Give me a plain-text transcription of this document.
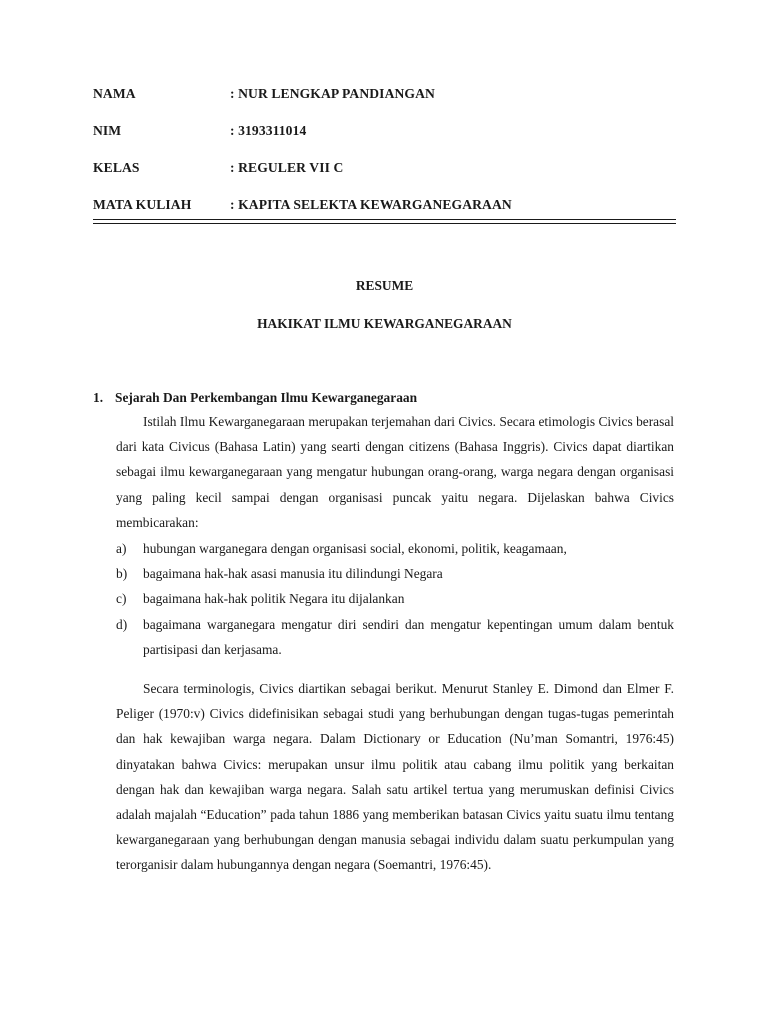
NAMA	: NUR LENGKAP PANDIANGAN
NIM	: 3193311014
KELAS	: REGULER VII C
MATA KULIAH	: KAPITA SELEKTA KEWARGANEGARAAN
RESUME
HAKIKAT ILMU KEWARGANEGARAAN
1. Sejarah Dan Perkembangan Ilmu Kewarganegaraan

Istilah Ilmu Kewarganegaraan merupakan terjemahan dari Civics. Secara etimologis Civics berasal dari kata Civicus (Bahasa Latin) yang searti dengan citizens (Bahasa Inggris). Civics dapat diartikan sebagai ilmu kewarganegaraan yang mengatur hubungan orang-orang, warga negara dengan organisasi yang paling kecil sampai dengan organisasi puncak yaitu negara. Dijelaskan bahwa Civics membicarakan:

a) hubungan warganegara dengan organisasi social, ekonomi, politik, keagamaan,
b) bagaimana hak-hak asasi manusia itu dilindungi Negara
c) bagaimana hak-hak politik Negara itu dijalankan
d) bagaimana warganegara mengatur diri sendiri dan mengatur kepentingan umum dalam bentuk partisipasi dan kerjasama.

Secara terminologis, Civics diartikan sebagai berikut. Menurut Stanley E. Dimond dan Elmer F. Peliger (1970:v) Civics didefinisikan sebagai studi yang berhubungan dengan tugas-tugas pemerintah dan hak kewajiban warga negara. Dalam Dictionary or Education (Nu’man Somantri, 1976:45) dinyatakan bahwa Civics: merupakan unsur ilmu politik atau cabang ilmu politik yang berkaitan dengan hak dan kewajiban warga negara. Salah satu artikel tertua yang merumuskan definisi Civics adalah majalah “Education” pada tahun 1886 yang memberikan batasan Civics yaitu suatu ilmu tentang kewarganegaraan yang berhubungan dengan manusia sebagai individu dalam suatu perkumpulan yang terorganisir dalam hubungannya dengan negara (Soemantri, 1976:45).
